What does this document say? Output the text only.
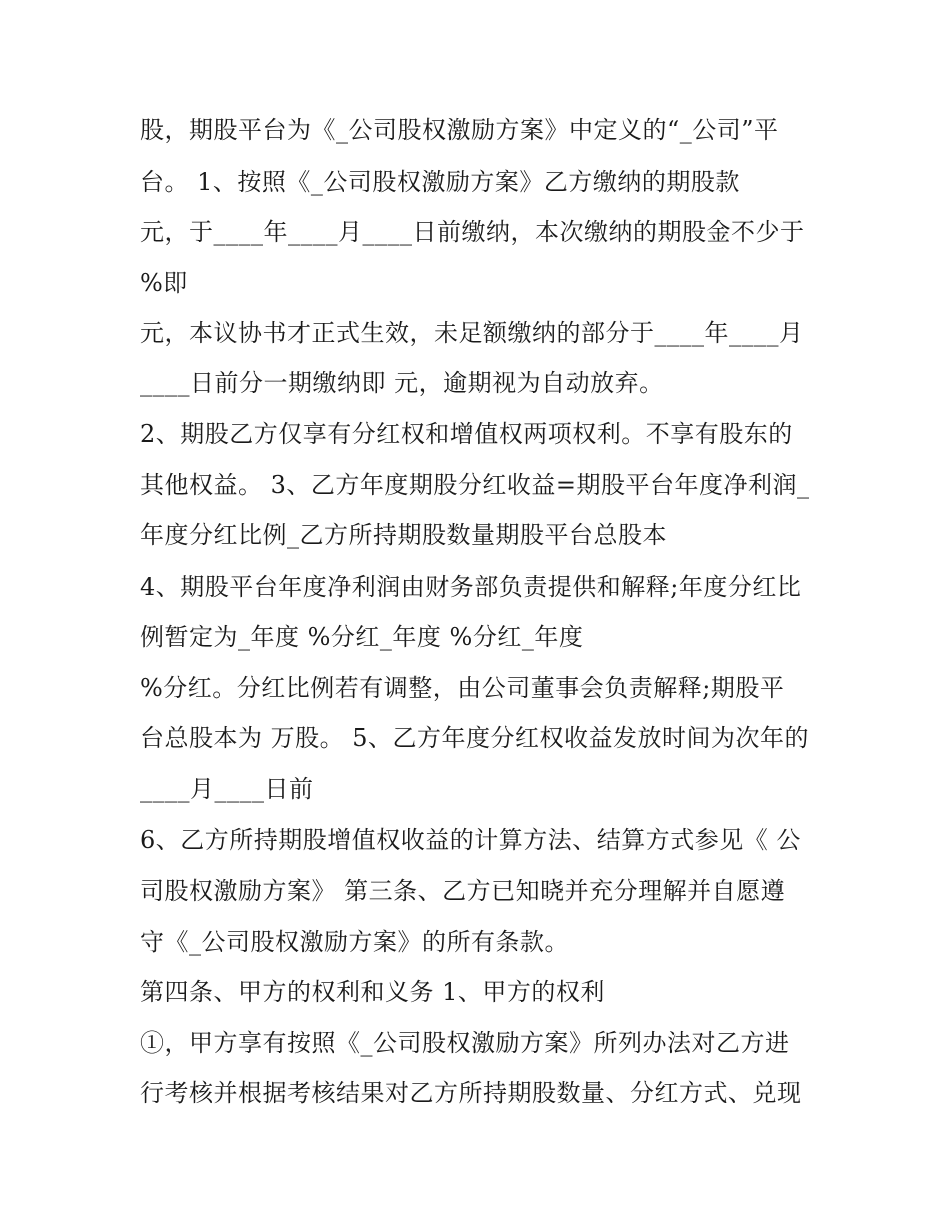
股，期股平台为《_公司股权激励方案》中定义的“_公司”平

台。 1、按照《_公司股权激励方案》乙方缴纳的期股款

元，于____年____月____日前缴纳，本次缴纳的期股金不少于

%即

元，本议协书才正式生效，未足额缴纳的部分于____年____月

____日前分一期缴纳即 元，逾期视为自动放弃。

2、期股乙方仅享有分红权和增值权两项权利。不享有股东的

其他权益。 3、乙方年度期股分红收益=期股平台年度净利润_

年度分红比例_乙方所持期股数量期股平台总股本

4、期股平台年度净利润由财务部负责提供和解释;年度分红比

例暂定为_年度 %分红_年度 %分红_年度

%分红。分红比例若有调整，由公司董事会负责解释;期股平

台总股本为 万股。 5、乙方年度分红权收益发放时间为次年的

____月____日前

6、乙方所持期股增值权收益的计算方法、结算方式参见《 公

司股权激励方案》 第三条、乙方已知晓并充分理解并自愿遵

守《_公司股权激励方案》的所有条款。

第四条、甲方的权利和义务 1、甲方的权利

①，甲方享有按照《_公司股权激励方案》所列办法对乙方进

行考核并根据考核结果对乙方所持期股数量、分红方式、兑现
